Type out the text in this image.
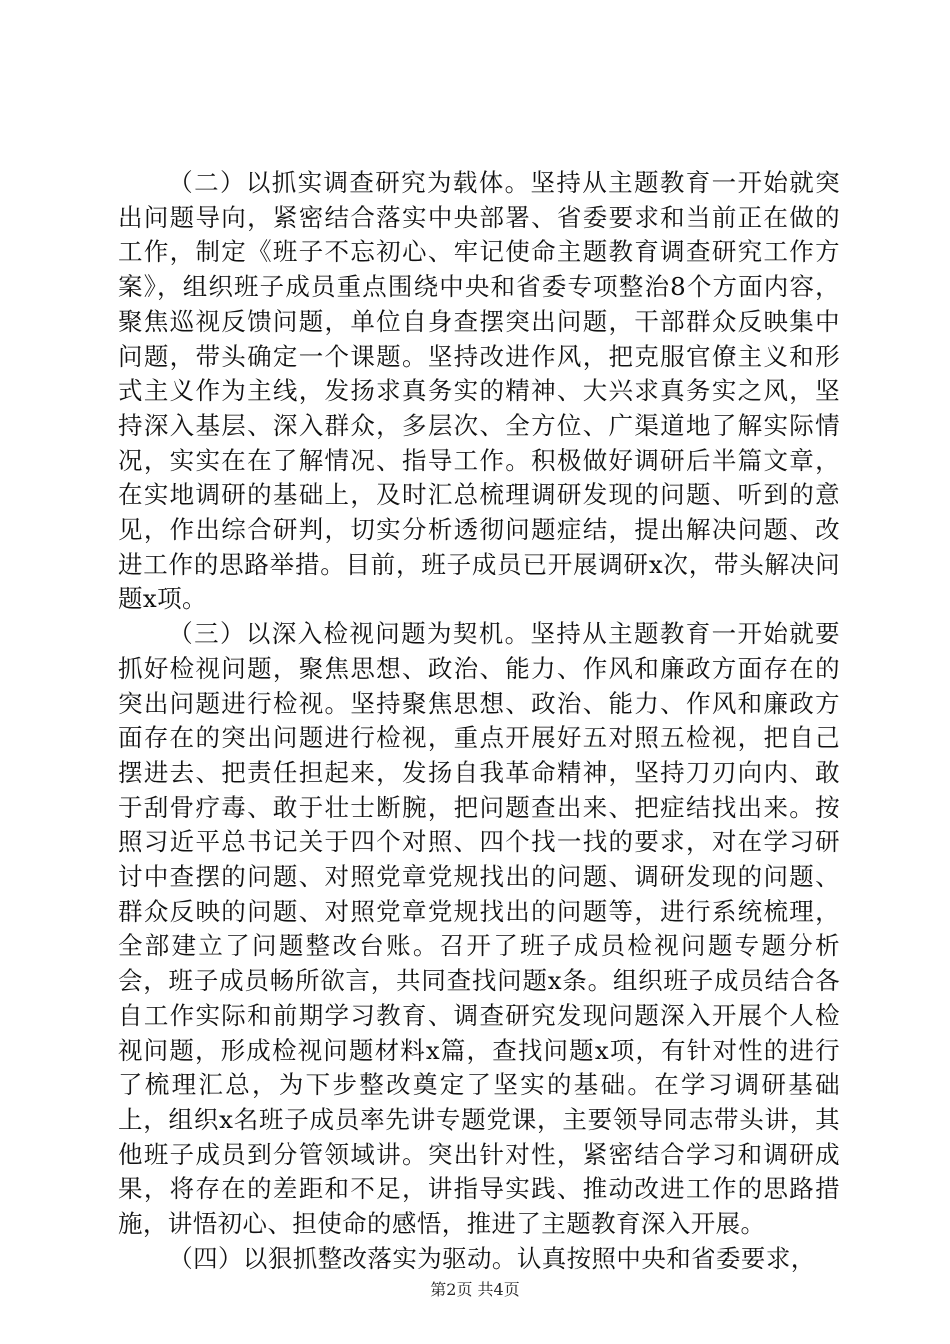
（二）以抓实调查研究为载体。坚持从主题教育一开始就突出问题导向，紧密结合落实中央部署、省委要求和当前正在做的工作，制定《班子不忘初心、牢记使命主题教育调查研究工作方案》，组织班子成员重点围绕中央和省委专项整治8个方面内容，聚焦巡视反馈问题，单位自身查摆突出问题，干部群众反映集中问题，带头确定一个课题。坚持改进作风，把克服官僚主义和形式主义作为主线，发扬求真务实的精神、大兴求真务实之风，坚持深入基层、深入群众，多层次、全方位、广渠道地了解实际情况，实实在在了解情况、指导工作。积极做好调研后半篇文章，在实地调研的基础上，及时汇总梳理调研发现的问题、听到的意见，作出综合研判，切实分析透彻问题症结，提出解决问题、改进工作的思路举措。目前，班子成员已开展调研x次，带头解决问题x项。

（三）以深入检视问题为契机。坚持从主题教育一开始就要抓好检视问题，聚焦思想、政治、能力、作风和廉政方面存在的突出问题进行检视。坚持聚焦思想、政治、能力、作风和廉政方面存在的突出问题进行检视，重点开展好五对照五检视，把自己摆进去、把责任担起来，发扬自我革命精神，坚持刀刃向内、敢于刮骨疗毒、敢于壮士断腕，把问题查出来、把症结找出来。按照习近平总书记关于四个对照、四个找一找的要求，对在学习研讨中查摆的问题、对照党章党规找出的问题、调研发现的问题、群众反映的问题、对照党章党规找出的问题等，进行系统梳理，全部建立了问题整改台账。召开了班子成员检视问题专题分析会，班子成员畅所欲言，共同查找问题x条。组织班子成员结合各自工作实际和前期学习教育、调查研究发现问题深入开展个人检视问题，形成检视问题材料x篇，查找问题x项，有针对性的进行了梳理汇总，为下步整改奠定了坚实的基础。在学习调研基础上，组织x名班子成员率先讲专题党课，主要领导同志带头讲，其他班子成员到分管领域讲。突出针对性，紧密结合学习和调研成果，将存在的差距和不足，讲指导实践、推动改进工作的思路措施，讲悟初心、担使命的感悟，推进了主题教育深入开展。

（四）以狠抓整改落实为驱动。认真按照中央和省委要求，

第2页 共4页
